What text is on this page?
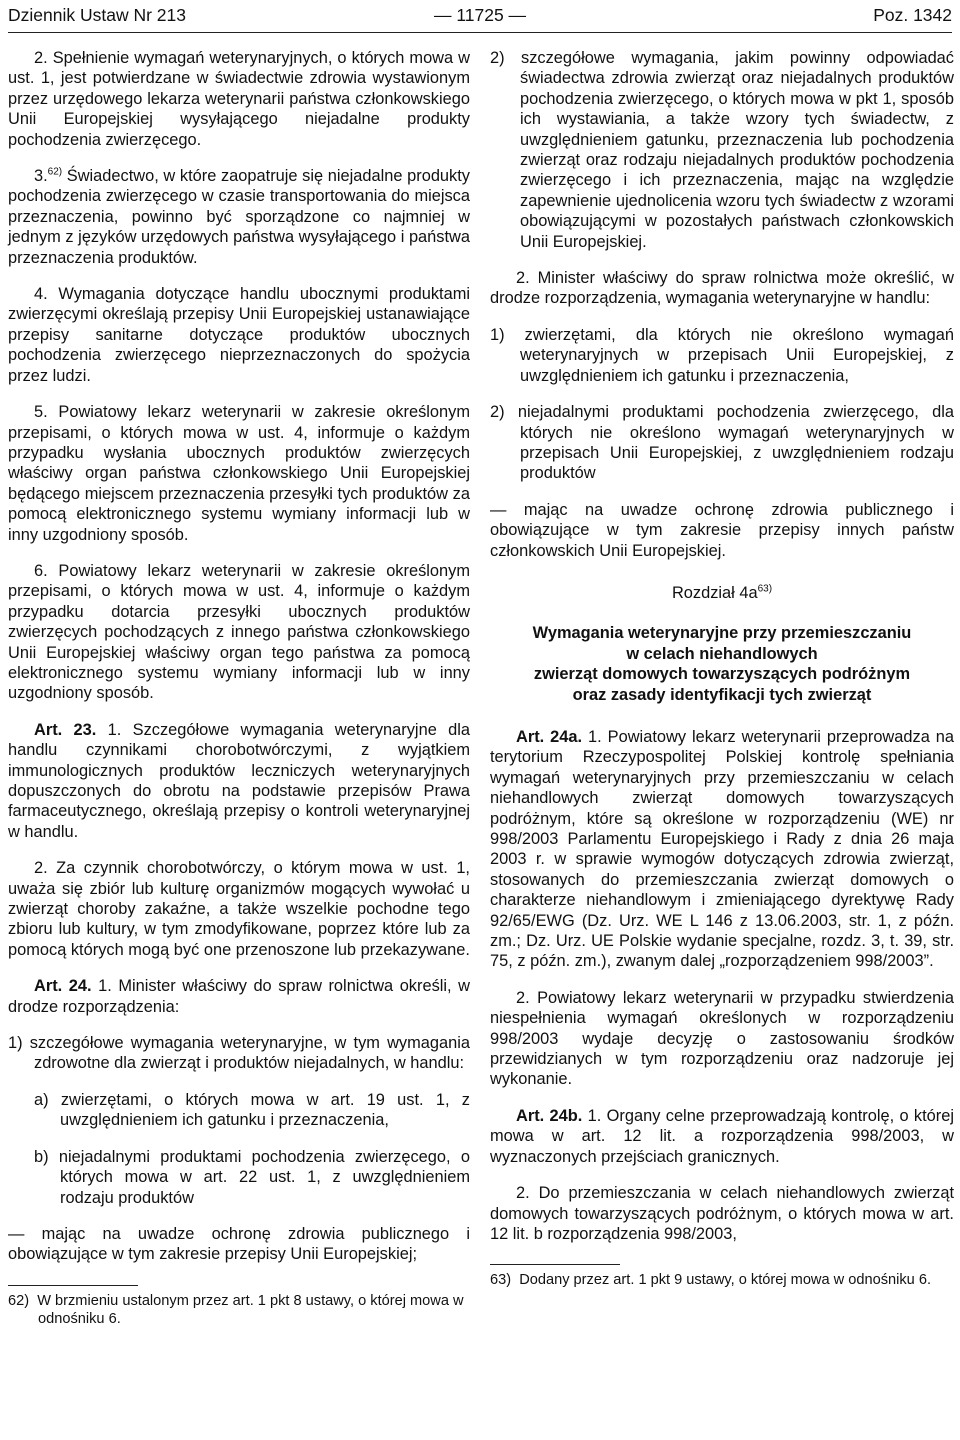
Dziennik Ustaw Nr 213	— 11725 —	Poz. 1342

2. Spełnienie wymagań weterynaryjnych, o których mowa w ust. 1, jest potwierdzane w świadectwie zdrowia wystawionym przez urzędowego lekarza weterynarii państwa członkowskiego Unii Europejskiej wysyłającego niejadalne produkty pochodzenia zwierzęcego.

3.$^{62)}$ Świadectwo, w które zaopatruje się niejadalne produkty pochodzenia zwierzęcego w czasie transportowania do miejsca przeznaczenia, powinno być sporządzone co najmniej w jednym z języków urzędowych państwa wysyłającego i państwa przeznaczenia produktów.

4. Wymagania dotyczące handlu ubocznymi produktami zwierzęcymi określają przepisy Unii Europejskiej ustanawiające przepisy sanitarne dotyczące produktów ubocznych pochodzenia zwierzęcego nieprzeznaczonych do spożycia przez ludzi.

5. Powiatowy lekarz weterynarii w zakresie określonym przepisami, o których mowa w ust. 4, informuje o każdym przypadku wysłania ubocznych produktów zwierzęcych właściwy organ państwa członkowskiego Unii Europejskiej będącego miejscem przeznaczenia przesyłki tych produktów za pomocą elektronicznego systemu wymiany informacji lub w inny uzgodniony sposób.

6. Powiatowy lekarz weterynarii w zakresie określonym przepisami, o których mowa w ust. 4, informuje o każdym przypadku dotarcia przesyłki ubocznych produktów zwierzęcych pochodzących z innego państwa członkowskiego Unii Europejskiej właściwy organ tego państwa za pomocą elektronicznego systemu wymiany informacji lub w inny uzgodniony sposób.

Art. 23. 1. Szczegółowe wymagania weterynaryjne dla handlu czynnikami chorobotwórczymi, z wyjątkiem immunologicznych produktów leczniczych weterynaryjnych dopuszczonych do obrotu na podstawie przepisów Prawa farmaceutycznego, określają przepisy o kontroli weterynaryjnej w handlu.

2. Za czynnik chorobotwórczy, o którym mowa w ust. 1, uważa się zbiór lub kulturę organizmów mogących wywołać u zwierząt choroby zakaźne, a także wszelkie pochodne tego zbioru lub kultury, w tym zmodyfikowane, poprzez które lub za pomocą których mogą być one przenoszone lub przekazywane.

Art. 24. 1. Minister właściwy do spraw rolnictwa określi, w drodze rozporządzenia:

1) szczegółowe wymagania weterynaryjne, w tym wymagania zdrowotne dla zwierząt i produktów niejadalnych, w handlu:

a) zwierzętami, o których mowa w art. 19 ust. 1, z uwzględnieniem ich gatunku i przeznaczenia,

b) niejadalnymi produktami pochodzenia zwierzęcego, o których mowa w art. 22 ust. 1, z uwzględnieniem rodzaju produktów

— mając na uwadze ochronę zdrowia publicznego i obowiązujące w tym zakresie przepisy Unii Europejskiej;

62) W brzmieniu ustalonym przez art. 1 pkt 8 ustawy, o której mowa w odnośniku 6.

2) szczegółowe wymagania, jakim powinny odpowiadać świadectwa zdrowia zwierząt oraz niejadalnych produktów pochodzenia zwierzęcego, o których mowa w pkt 1, sposób ich wystawiania, a także wzory tych świadectw, z uwzględnieniem gatunku, przeznaczenia lub pochodzenia zwierząt oraz rodzaju niejadalnych produktów pochodzenia zwierzęcego i ich przeznaczenia, mając na względzie zapewnienie ujednolicenia wzoru tych świadectw z wzorami obowiązującymi w pozostałych państwach członkowskich Unii Europejskiej.

2. Minister właściwy do spraw rolnictwa może określić, w drodze rozporządzenia, wymagania weterynaryjne w handlu:

1) zwierzętami, dla których nie określono wymagań weterynaryjnych w przepisach Unii Europejskiej, z uwzględnieniem ich gatunku i przeznaczenia,

2) niejadalnymi produktami pochodzenia zwierzęcego, dla których nie określono wymagań weterynaryjnych w przepisach Unii Europejskiej, z uwzględnieniem rodzaju produktów

— mając na uwadze ochronę zdrowia publicznego i obowiązujące w tym zakresie przepisy innych państw członkowskich Unii Europejskiej.

Rozdział $4a^{63)}$

Wymagania weterynaryjne przy przemieszczaniu
w celach niehandlowych
zwierząt domowych towarzyszących podróżnym
oraz zasady identyfikacji tych zwierząt

Art. 24a. 1. Powiatowy lekarz weterynarii przeprowadza na terytorium Rzeczypospolitej Polskiej kontrolę spełniania wymagań weterynaryjnych przy przemieszczaniu w celach niehandlowych zwierząt domowych towarzyszących podróżnym, które są określone w rozporządzeniu (WE) nr 998/2003 Parlamentu Europejskiego i Rady z dnia 26 maja 2003 r. w sprawie wymogów dotyczących zdrowia zwierząt, stosowanych do przemieszczania zwierząt domowych o charakterze niehandlowym i zmieniającego dyrektywę Rady 92/65/EWG (Dz. Urz. WE L 146 z 13.06.2003, str. 1, z późn. zm.; Dz. Urz. UE Polskie wydanie specjalne, rozdz. 3, t. 39, str. 75, z późn. zm.), zwanym dalej „rozporządzeniem 998/2003”.

2. Powiatowy lekarz weterynarii w przypadku stwierdzenia niespełnienia wymagań określonych w rozporządzeniu 998/2003 wydaje decyzję o zastosowaniu środków przewidzianych w tym rozporządzeniu oraz nadzoruje jej wykonanie.

Art. 24b. 1. Organy celne przeprowadzają kontrolę, o której mowa w art. 12 lit. a rozporządzenia 998/2003, w wyznaczonych przejściach granicznych.

2. Do przemieszczania w celach niehandlowych zwierząt domowych towarzyszących podróżnym, o których mowa w art. 12 lit. b rozporządzenia 998/2003,

63) Dodany przez art. 1 pkt 9 ustawy, o której mowa w odnośniku 6.
